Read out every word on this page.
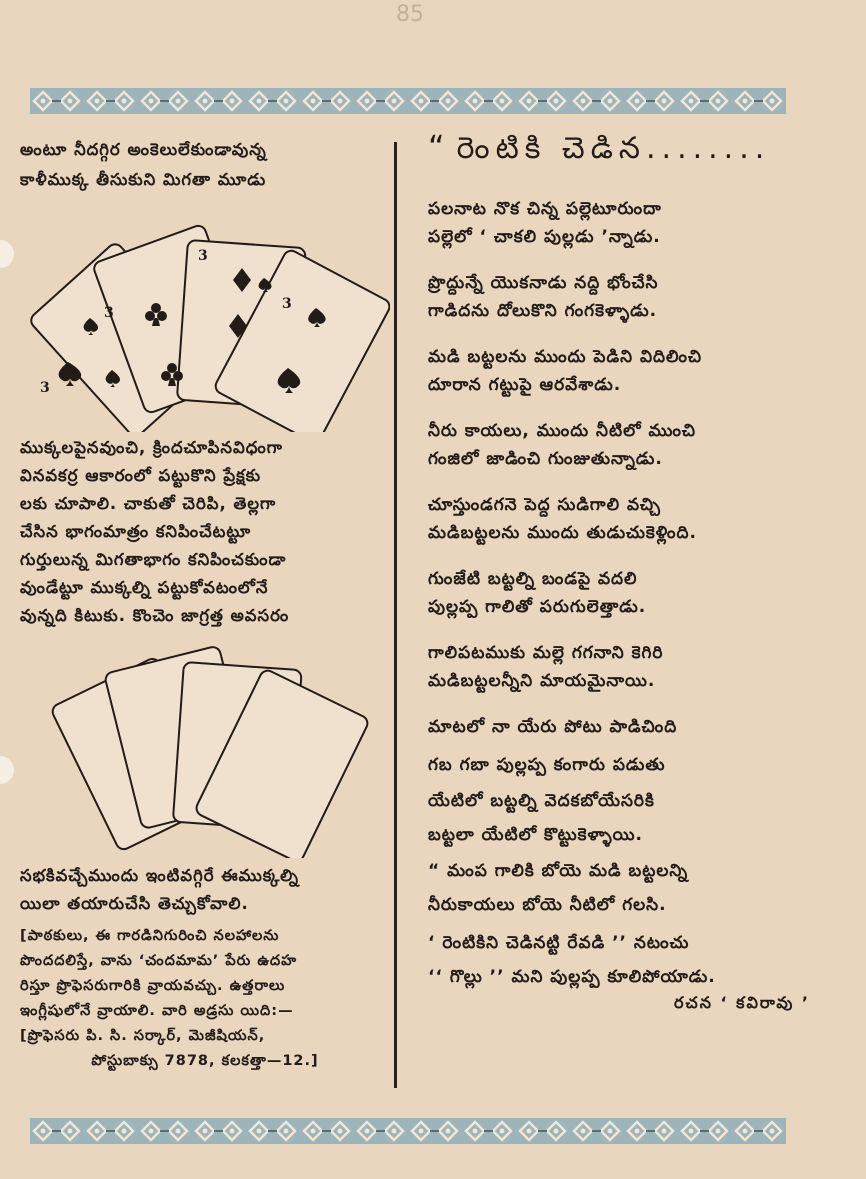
85
అంటూ నీదగ్గిర అంకెలులేకుండావున్న
కాళీముక్క తీసుకుని మిగతా మూడు
3
3
3
3
ముక్కలపైనవుంచి, క్రిందచూపినవిధంగా
వినవకర్ర ఆకారంలో పట్టుకొని ప్రేక్షకు
లకు చూపాలి. చాకుతో చెరిపి, తెల్లగా
చేసిన భాగంమాత్రం కనిపించేటట్టూ
గుర్తులున్న మిగతాభాగం కనిపించకుండా
వుండేట్టూ ముక్కల్ని పట్టుకోవటంలోనే
వున్నది కిటుకు. కొంచెం జాగ్రత్త అవసరం
సభకివచ్చేముందు ఇంటివగ్గిరే ఈముక్కల్ని
యిలా తయారుచేసి తెచ్చుకోవాలి.
[పాఠకులు, ఈ గారడినిగురించి నలహాలను
పొందదలిస్తే, వాను ‘చందమామ’ పేరు ఉదహ
రిస్తూ ప్రొఫెసరుగారికి వ్రాయవచ్చు. ఉత్తరాలు
ఇంగ్లీషులోనే వ్రాయాలి. వారి అడ్రసు యిది:—
[ప్రొఫెసరు పి. సి. సర్కార్, మెజీషియన్,
పోస్టుబాక్సు 7878, కలకత్తా—12.]
“ రెంటికి చెడిన........
పలనాట నొక చిన్న పల్లెటూరుందా
పల్లెలో ‘ చాకలి పుల్లడు ’న్నాడు.
ప్రొద్దున్నే యొకనాడు నద్ది భోంచేసి
గాడిదను దోలుకొని గంగకెళ్ళాడు.
మడి బట్టలను ముందు పెడిని విదిలించి
దూరాన గట్టుపై ఆరవేశాడు.
నీరు కాయలు, ముందు నీటిలో ముంచి
గంజిలో జాడించి గుంజుతున్నాడు.
చూస్తుండగనె పెద్ద సుడిగాలి వచ్చి
మడిబట్టలను ముందు తుడుచుకెళ్లింది.
గుంజేటి బట్టల్ని బండపై వదలి
పుల్లప్ప గాలితో పరుగులెత్తాడు.
గాలిపటముకు మల్లె గగనాని కెగిరి
మడిబట్టలన్నీని మాయమైనాయి.
మాటలో నా యేరు పోటు పాడిచింది
గబ గబా పుల్లప్ప కంగారు పడుతు
యేటిలో బట్టల్ని వెదకబోయేసరికి
బట్టలా యేటిలో కొట్టుకెళ్ళాయి.
“ మంప గాలికి బోయె మడి బట్టలన్ని
నీరుకాయలు బోయె నీటిలో గలసి.
‘ రెంటికిని చెడినట్టి రేవడి ’’ నటంచు
‘‘ గొల్లు ’’ మని పుల్లప్ప కూలిపోయాడు.
రచన ‘ కవిరావు ’
